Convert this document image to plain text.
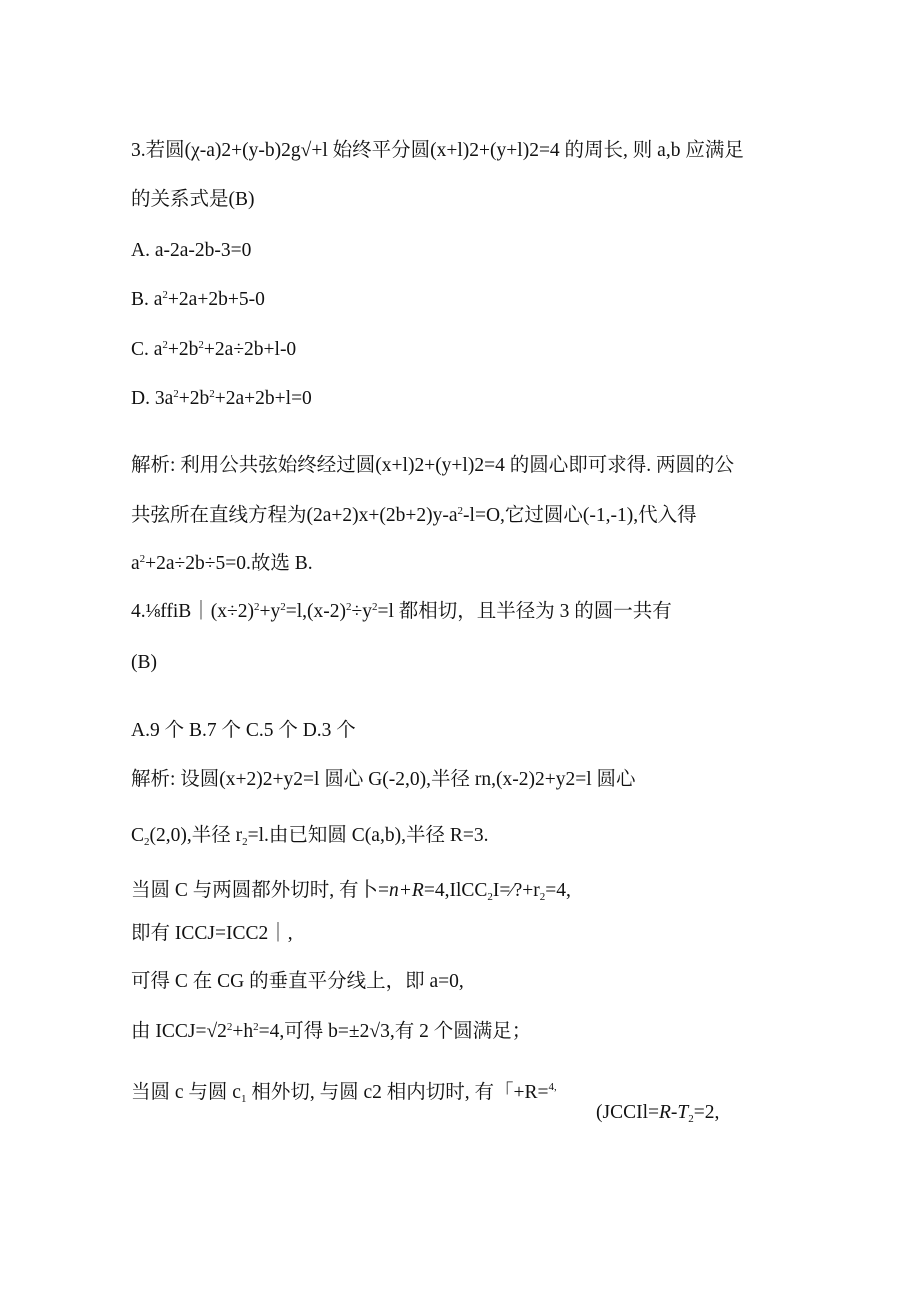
3.若圆(χ-a)2+(y-b)2g√+l 始终平分圆(x+l)2+(y+l)2=4 的周长, 则 a,b 应满足
的关系式是(B)
A. a-2a-2b-3=0
B. $a^2+2a+2b+5-0$
C. $a^2+2b^2+2a\div 2b+l-0$
D. $3a^2+2b^2+2a+2b+l=0$
解析: 利用公共弦始终经过圆(x+l)2+(y+l)2=4 的圆心即可求得. 两圆的公
共弦所在直线方程为$(2a+2)x+(2b+2)y-a^2-l=O$,它过圆心(-1,-1),代入得
$a^2+2a\div 2b\div 5=0$.故选 B.
$4.\frac{1}{8}ffiB|(x\div 2)^2+y^2=l,(x-2)^2\div y^2=l$ 都相切，且半径为 3 的圆一共有
(B)
A.9 个 B.7 个 C.5 个 D.3 个
解析: 设圆(x+2)2+y2=l 圆心 G(-2,0),半径 rn,(x-2)2+y2=l 圆心
$C_2(2,0)$,半径 $r_2=l$.由已知圆 C(a,b),半径 R=3.
当圆 C 与两圆都外切时, 有卜$=n+R=4,IlCC_2I=⁄?+r_2=4$,
即有 ICCJ=ICC2｜,
可得 C 在 CG 的垂直平分线上，即 a=0,
由 $ICCJ=√2^2+h^2=4$,可得 b=±2√3,有 2 个圆满足；
当圆 c 与圆 $c_1$ 相外切, 与圆 c2 相内切时, 有「+R=$^{4,}$
($JCCIl=R-T_2=2$,
